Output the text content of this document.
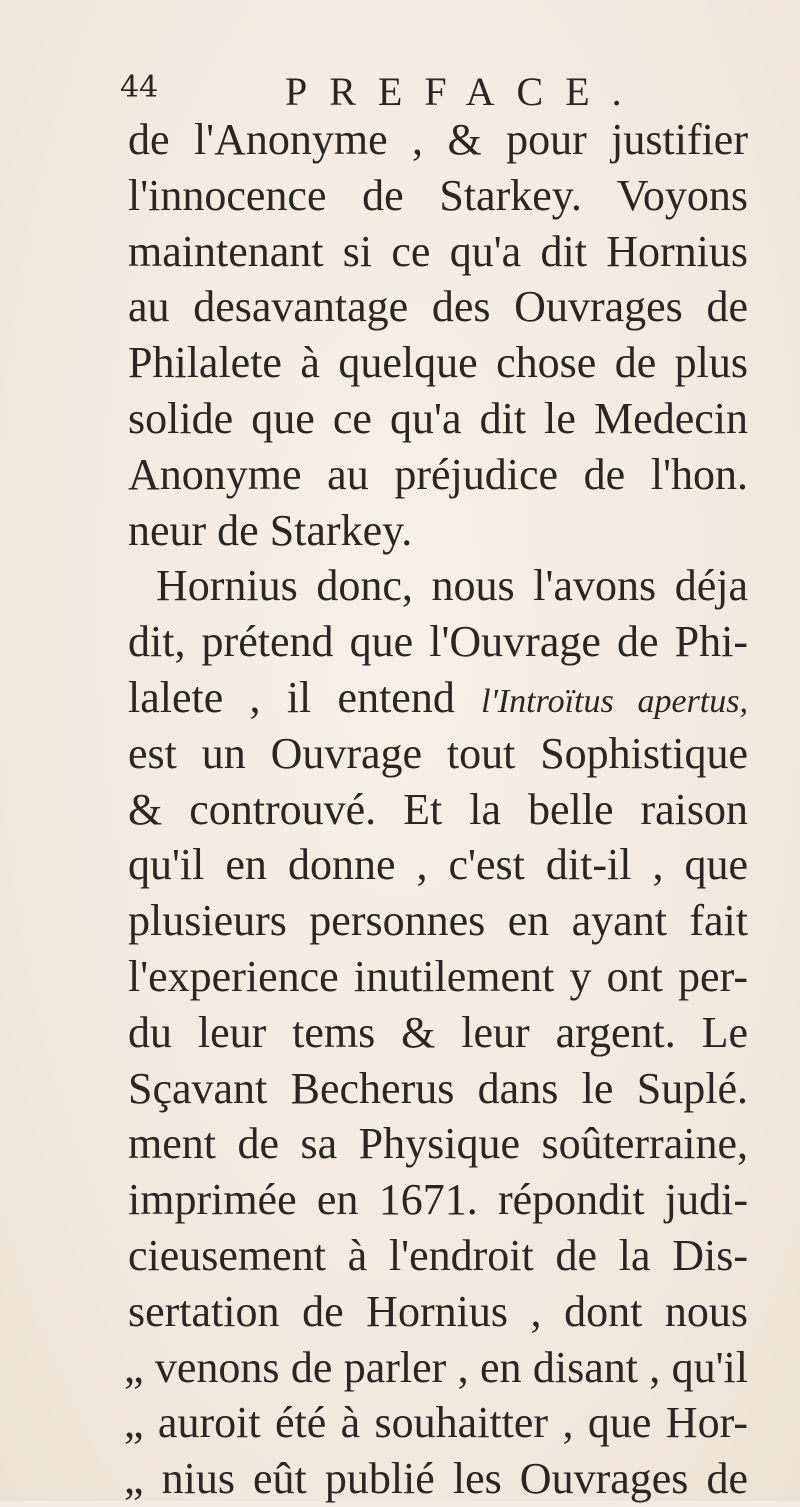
44	PREFACE.
de l'Anonyme , & pour justifier
l'innocence de Starkey. Voyons
maintenant si ce qu'a dit Hornius
au desavantage des Ouvrages de
Philalete à quelque chose de plus
solide que ce qu'a dit le Medecin
Anonyme au préjudice de l'hon.
neur de Starkey.
Hornius donc, nous l'avons déja
dit, prétend que l'Ouvrage de Phi-
lalete , il entend l'Introïtus apertus,
est un Ouvrage tout Sophistique
& controuvé. Et la belle raison
qu'il en donne , c'est dit-il , que
plusieurs personnes en ayant fait
l'experience inutilement y ont per-
du leur tems & leur argent. Le
Sçavant Becherus dans le Suplé.
ment de sa Physique soûterraine,
imprimée en 1671. répondit judi-
cieusement à l'endroit de la Dis-
sertation de Hornius , dont nous
„ venons de parler , en disant , qu'il
„ auroit été à souhaitter , que Hor-
„ nius eût publié les Ouvrages de
